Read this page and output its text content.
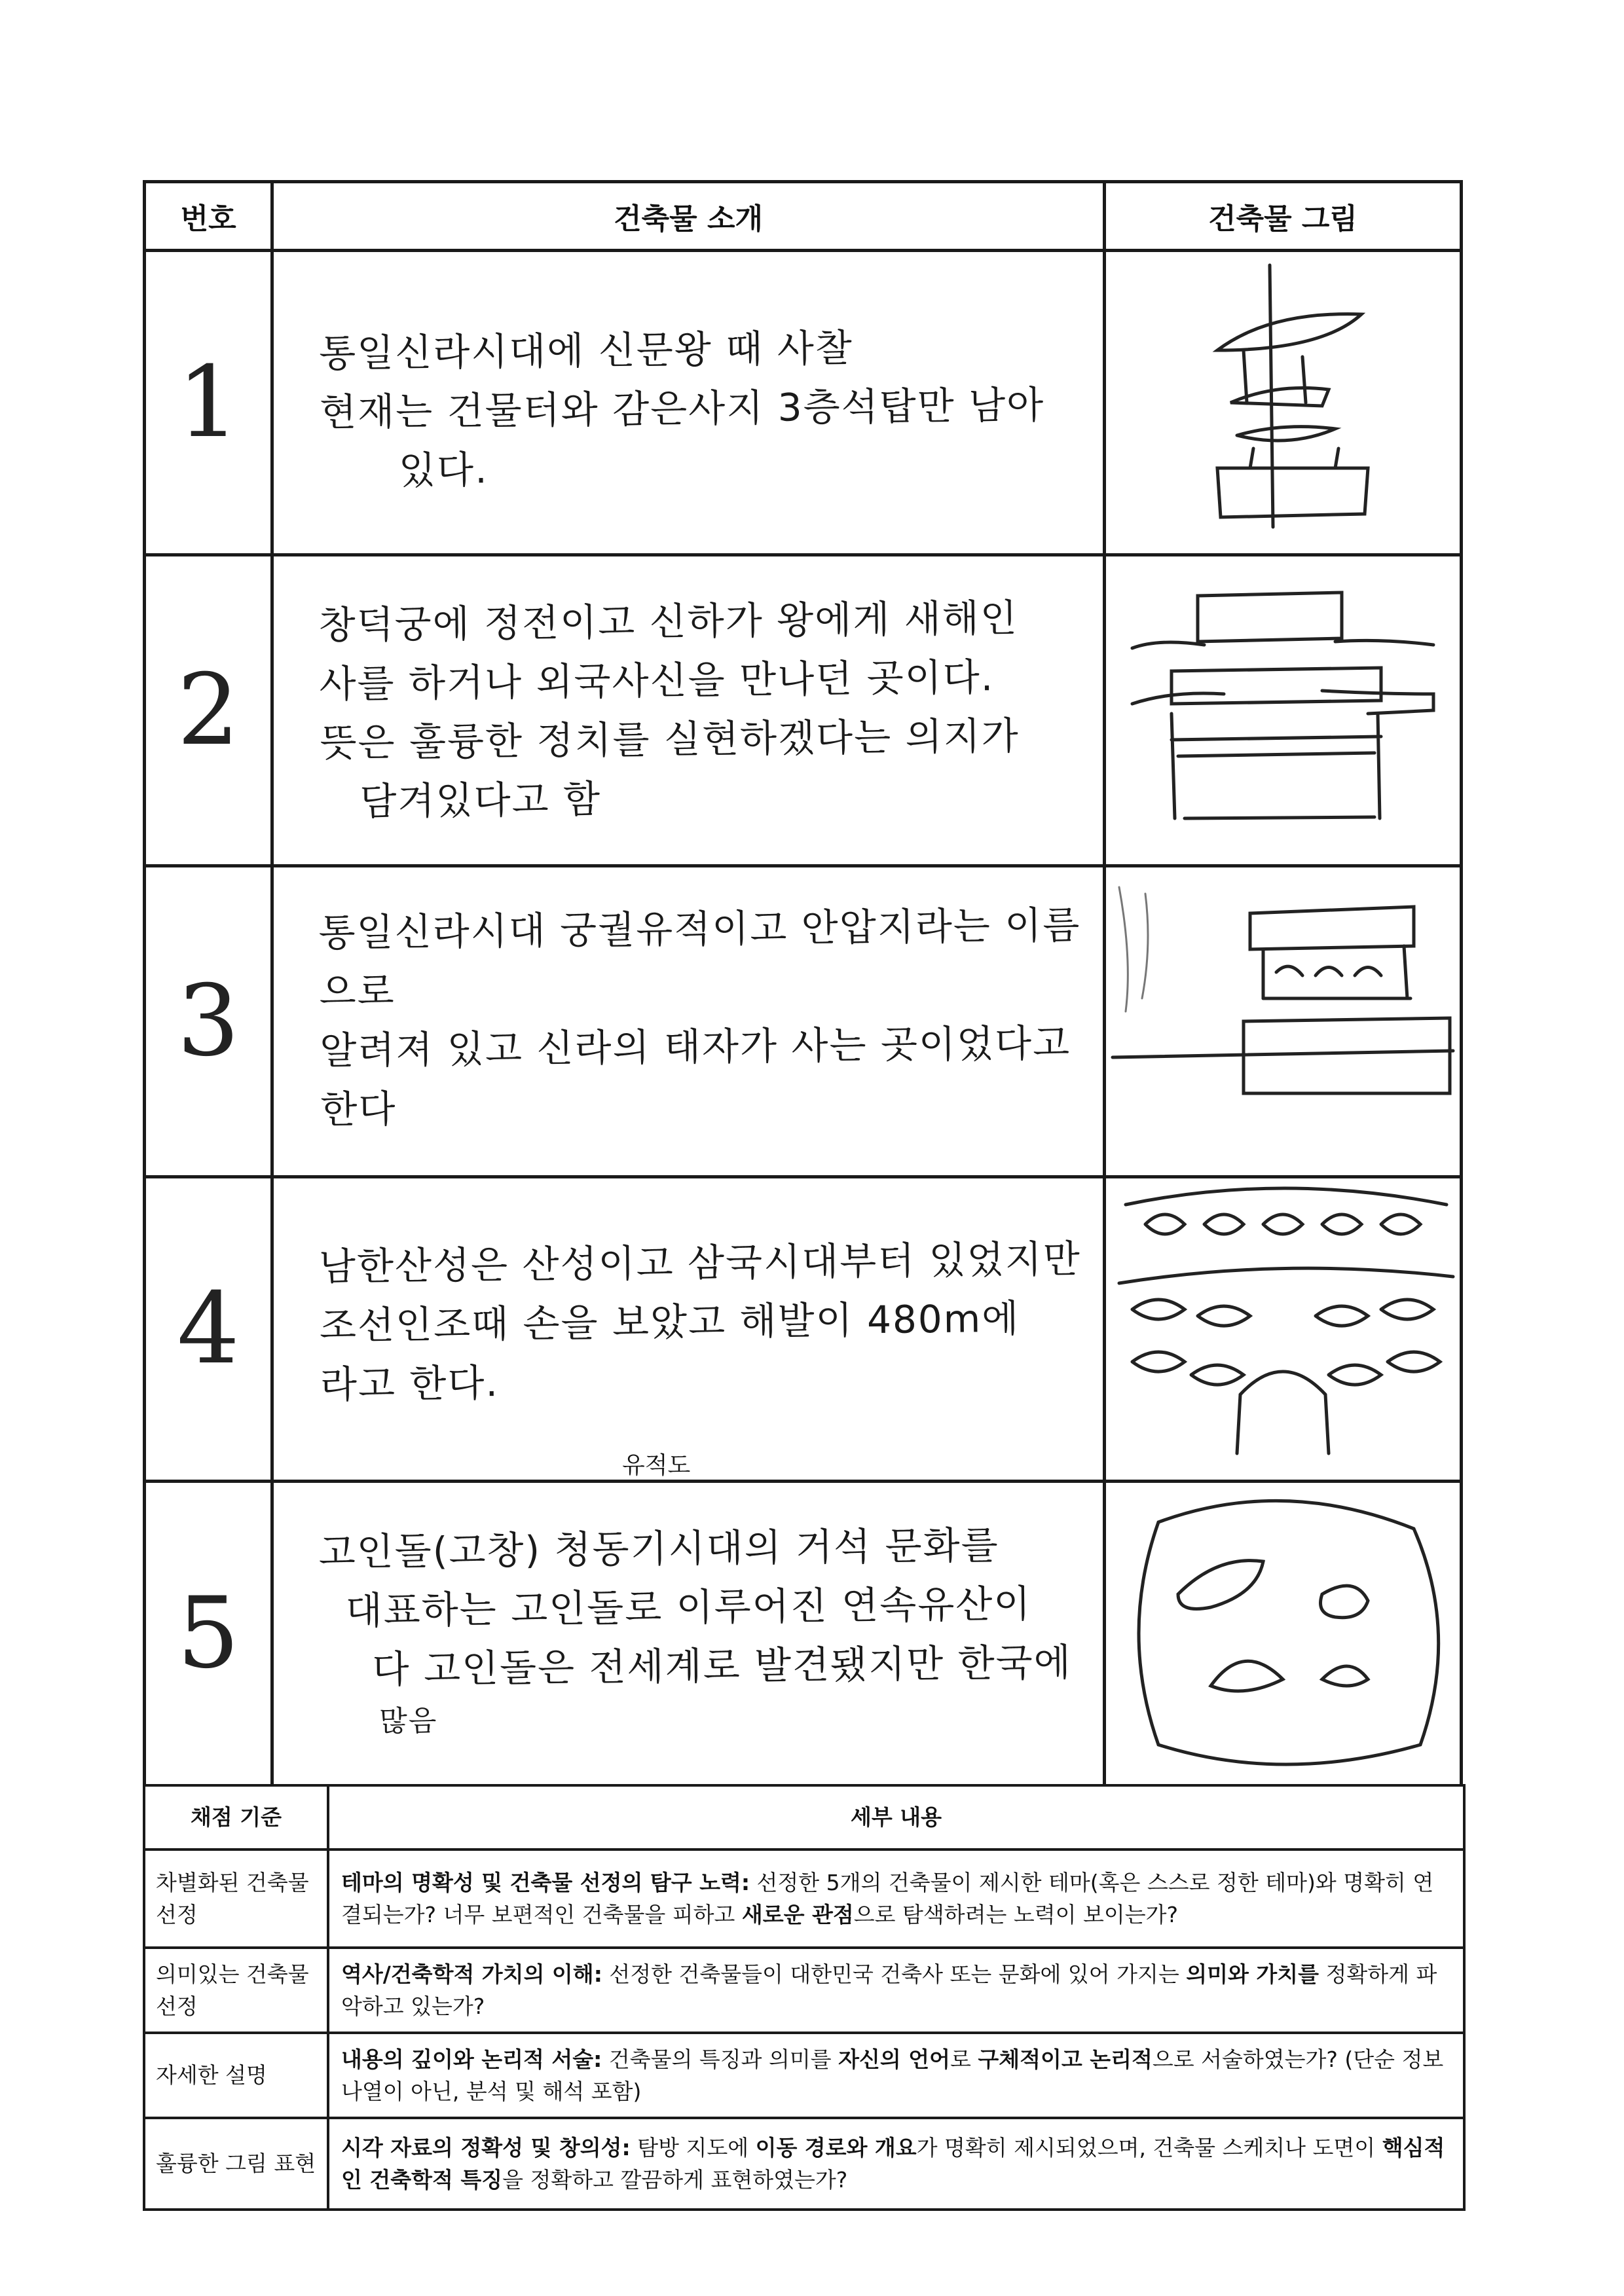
번호	건축물 소개	건축물 그림
1	통일신라시대에 신문왕 때 사찰
현재는 건물터와 감은사지 3층석탑만 남아
있다.

2	창덕궁에 정전이고 신하가 왕에게 새해인
사를 하거나 외국사신을 만나던 곳이다.
뜻은 훌륭한 정치를 실현하겠다는 의지가
담겨있다고 함

3	통일신라시대 궁궐유적이고 안압지라는 이름으로
알려져 있고 신라의 태자가 사는 곳이었다고
한다

4	남한산성은 산성이고 삼국시대부터 있었지만
조선인조때 손을 보았고 해발이 480m에
라고 한다.

5	고인돌(고창) 청동기시대의 거석 문화를
대표하는 고인돌로 이루어진 연속유산이
다 고인돌은 전세계로 발견됐지만 한국에
많음

유적도
채점 기준	세부 내용
차별화된 건축물 선정	테마의 명확성 및 건축물 선정의 탐구 노력: 선정한 5개의 건축물이 제시한 테마(혹은 스스로 정한 테마)와 명확히 연결되는가? 너무 보편적인 건축물을 피하고 새로운 관점으로 탐색하려는 노력이 보이는가?
의미있는 건축물 선정	역사/건축학적 가치의 이해: 선정한 건축물들이 대한민국 건축사 또는 문화에 있어 가지는 의미와 가치를 정확하게 파악하고 있는가?
자세한 설명	내용의 깊이와 논리적 서술: 건축물의 특징과 의미를 자신의 언어로 구체적이고 논리적으로 서술하였는가? (단순 정보 나열이 아닌, 분석 및 해석 포함)
훌륭한 그림 표현	시각 자료의 정확성 및 창의성: 탐방 지도에 이동 경로와 개요가 명확히 제시되었으며, 건축물 스케치나 도면이 핵심적인 건축학적 특징을 정확하고 깔끔하게 표현하였는가?
